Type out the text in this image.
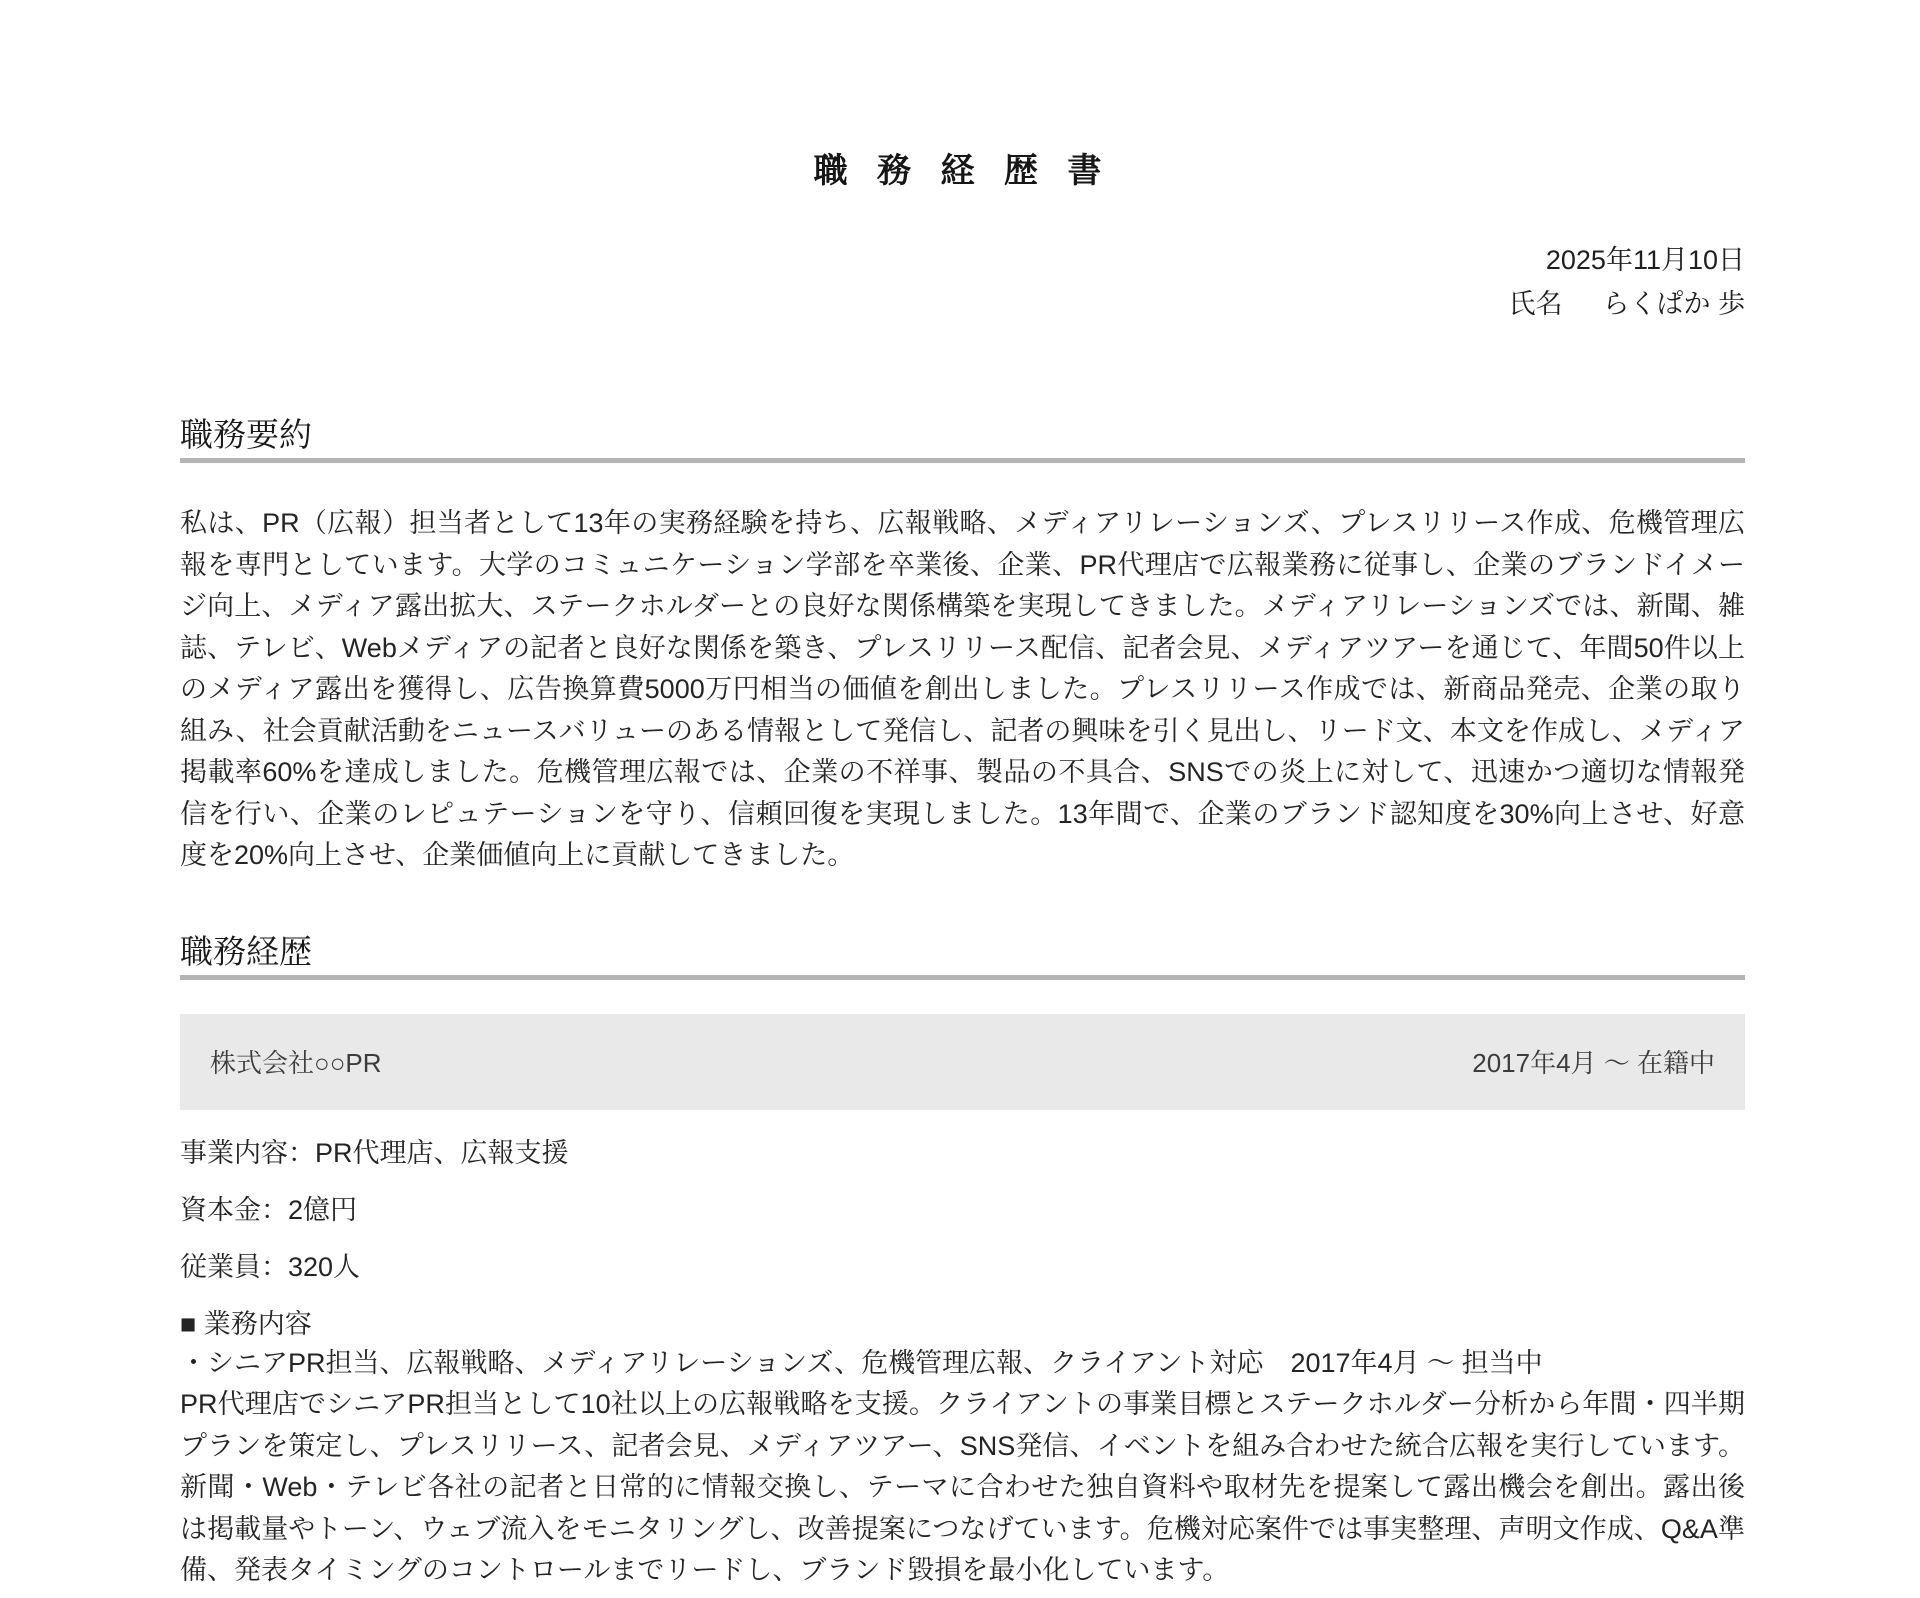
職 務 経 歴 書
2025年11月10日
氏名 らくぱか 歩
職務要約
私は、PR（広報）担当者として13年の実務経験を持ち、広報戦略、メディアリレーションズ、プレスリリース作成、危機管理広報を専門としています。大学のコミュニケーション学部を卒業後、企業、PR代理店で広報業務に従事し、企業のブランドイメージ向上、メディア露出拡大、ステークホルダーとの良好な関係構築を実現してきました。メディアリレーションズでは、新聞、雑誌、テレビ、Webメディアの記者と良好な関係を築き、プレスリリース配信、記者会見、メディアツアーを通じて、年間50件以上のメディア露出を獲得し、広告換算費5000万円相当の価値を創出しました。プレスリリース作成では、新商品発売、企業の取り組み、社会貢献活動をニュースバリューのある情報として発信し、記者の興味を引く見出し、リード文、本文を作成し、メディア掲載率60%を達成しました。危機管理広報では、企業の不祥事、製品の不具合、SNSでの炎上に対して、迅速かつ適切な情報発信を行い、企業のレピュテーションを守り、信頼回復を実現しました。13年間で、企業のブランド認知度を30%向上させ、好意度を20%向上させ、企業価値向上に貢献してきました。
職務経歴
株式会社○○PR	2017年4月 ～ 在籍中
事業内容：PR代理店、広報支援
資本金：2億円
従業員：320人
■ 業務内容
・シニアPR担当、広報戦略、メディアリレーションズ、危機管理広報、クライアント対応　2017年4月 ～ 担当中
PR代理店でシニアPR担当として10社以上の広報戦略を支援。クライアントの事業目標とステークホルダー分析から年間・四半期プランを策定し、プレスリリース、記者会見、メディアツアー、SNS発信、イベントを組み合わせた統合広報を実行しています。新聞・Web・テレビ各社の記者と日常的に情報交換し、テーマに合わせた独自資料や取材先を提案して露出機会を創出。露出後は掲載量やトーン、ウェブ流入をモニタリングし、改善提案につなげています。危機対応案件では事実整理、声明文作成、Q&A準備、発表タイミングのコントロールまでリードし、ブランド毀損を最小化しています。
